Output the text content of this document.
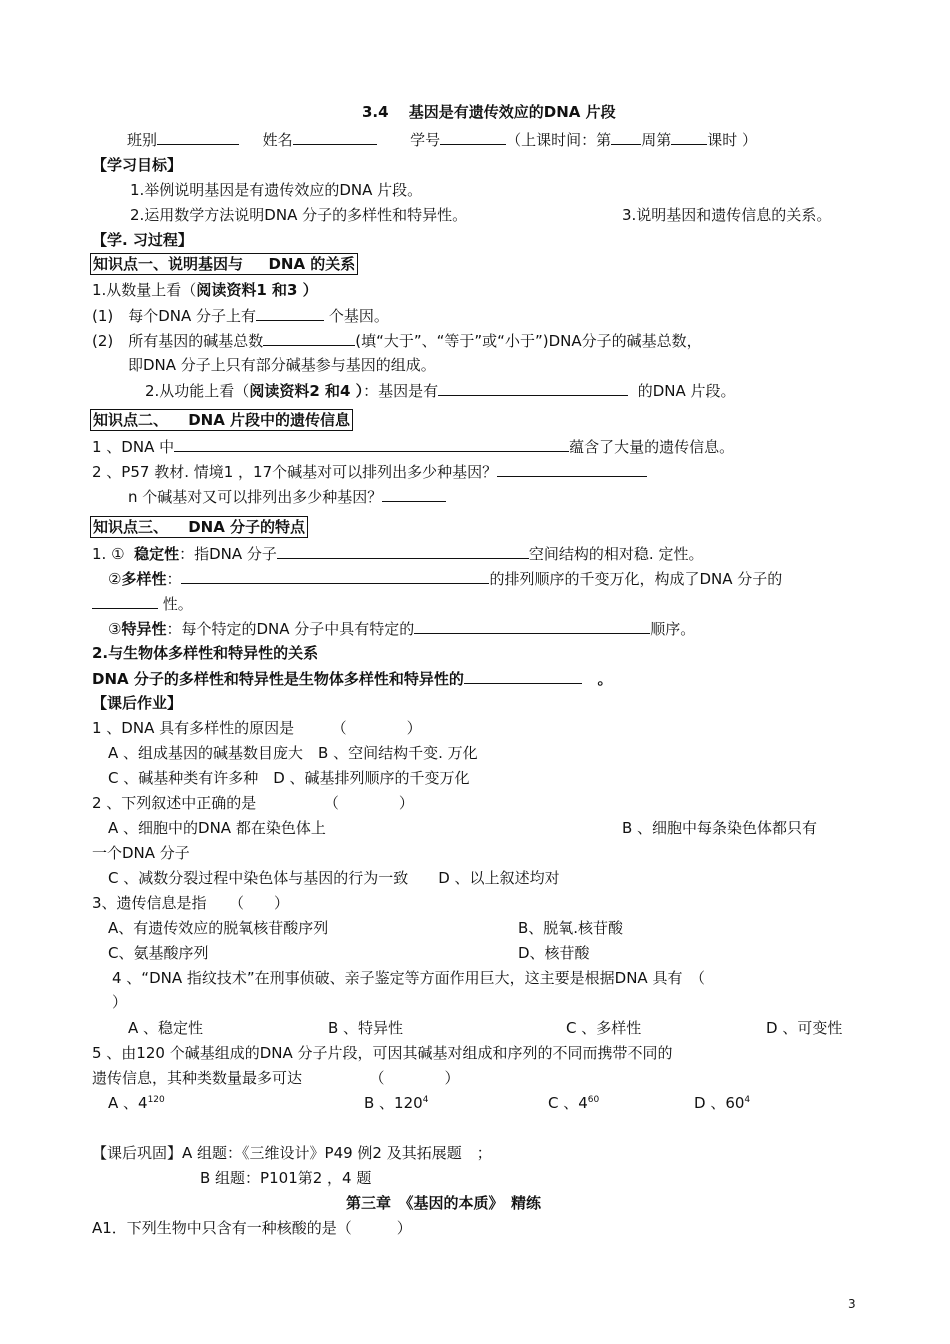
3.4　 基因是有遗传效应的DNA 片段
班别	姓名	学号	（上课时间：第 周第 课时 ）
【学习目标】
1.举例说明基因是有遗传效应的DNA 片段。
2.运用数学方法说明DNA 分子的多样性和特异性。	3.说明基因和遗传信息的关系。
【学. 习过程】
知识点一、说明基因与 　 DNA 的关系
1.从数量上看（阅读资料1 和3 ）
(1)　每个DNA 分子上有	个基因。
(2)　所有基因的碱基总数	(填“大于”、“等于”或“小于”)DNA分子的碱基总数，
即DNA 分子上只有部分碱基参与基因的组成。
2.从功能上看（阅读资料2 和4 ）：基因是有	的DNA 片段。
知识点二、 　DNA 片段中的遗传信息
1 、DNA 中	蕴含了大量的遗传信息。
2 、P57 教材. 情境1 ，17个碱基对可以排列出多少种基因？
n 个碱基对又可以排列出多少种基因？
知识点三、 　DNA 分子的特点
1. ① 稳定性：指DNA 分子	空间结构的相对稳. 定性。
②多样性：	的排列顺序的千变万化，构成了DNA 分子的
性。
③特异性：每个特定的DNA 分子中具有特定的	顺序。
2.与生物体多样性和特异性的关系
DNA 分子的多样性和特异性是生物体多样性和特异性的	。
【课后作业】
1 、DNA 具有多样性的原因是　　　（　　　　）
A 、组成基因的碱基数目庞大　B 、空间结构千变. 万化
C 、碱基种类有许多种　D 、碱基排列顺序的千变万化
2 、下列叙述中正确的是　　　　　（　　　　）
A 、细胞中的DNA 都在染色体上	B 、细胞中每条染色体都只有
一个DNA 分子
C 、减数分裂过程中染色体与基因的行为一致　　D 、以上叙述均对
3、遗传信息是指　　（　　）
A、有遗传效应的脱氧核苷酸序列	B、脱氧.核苷酸
C、氨基酸序列	D、核苷酸
4 、“DNA 指纹技术”在刑事侦破、亲子鉴定等方面作用巨大，这主要是根据DNA 具有　（
）
A 、稳定性	B 、特异性	C 、多样性	D 、可变性
5 、由120 个碱基组成的DNA 分子片段，可因其碱基对组成和序列的不同而携带不同的
遗传信息，其种类数量最多可达　　　　　（　　　　）
A 、$4^{120}$	B 、$120^4$	C 、$4^{60}$	D 、$60^4$
【课后巩固】A 组题：《三维设计》P49 例2 及其拓展题　；
B 组题：P101第2 ，4 题
第三章　《基因的本质》　精练
A1．下列生物中只含有一种核酸的是（　　　）
3
